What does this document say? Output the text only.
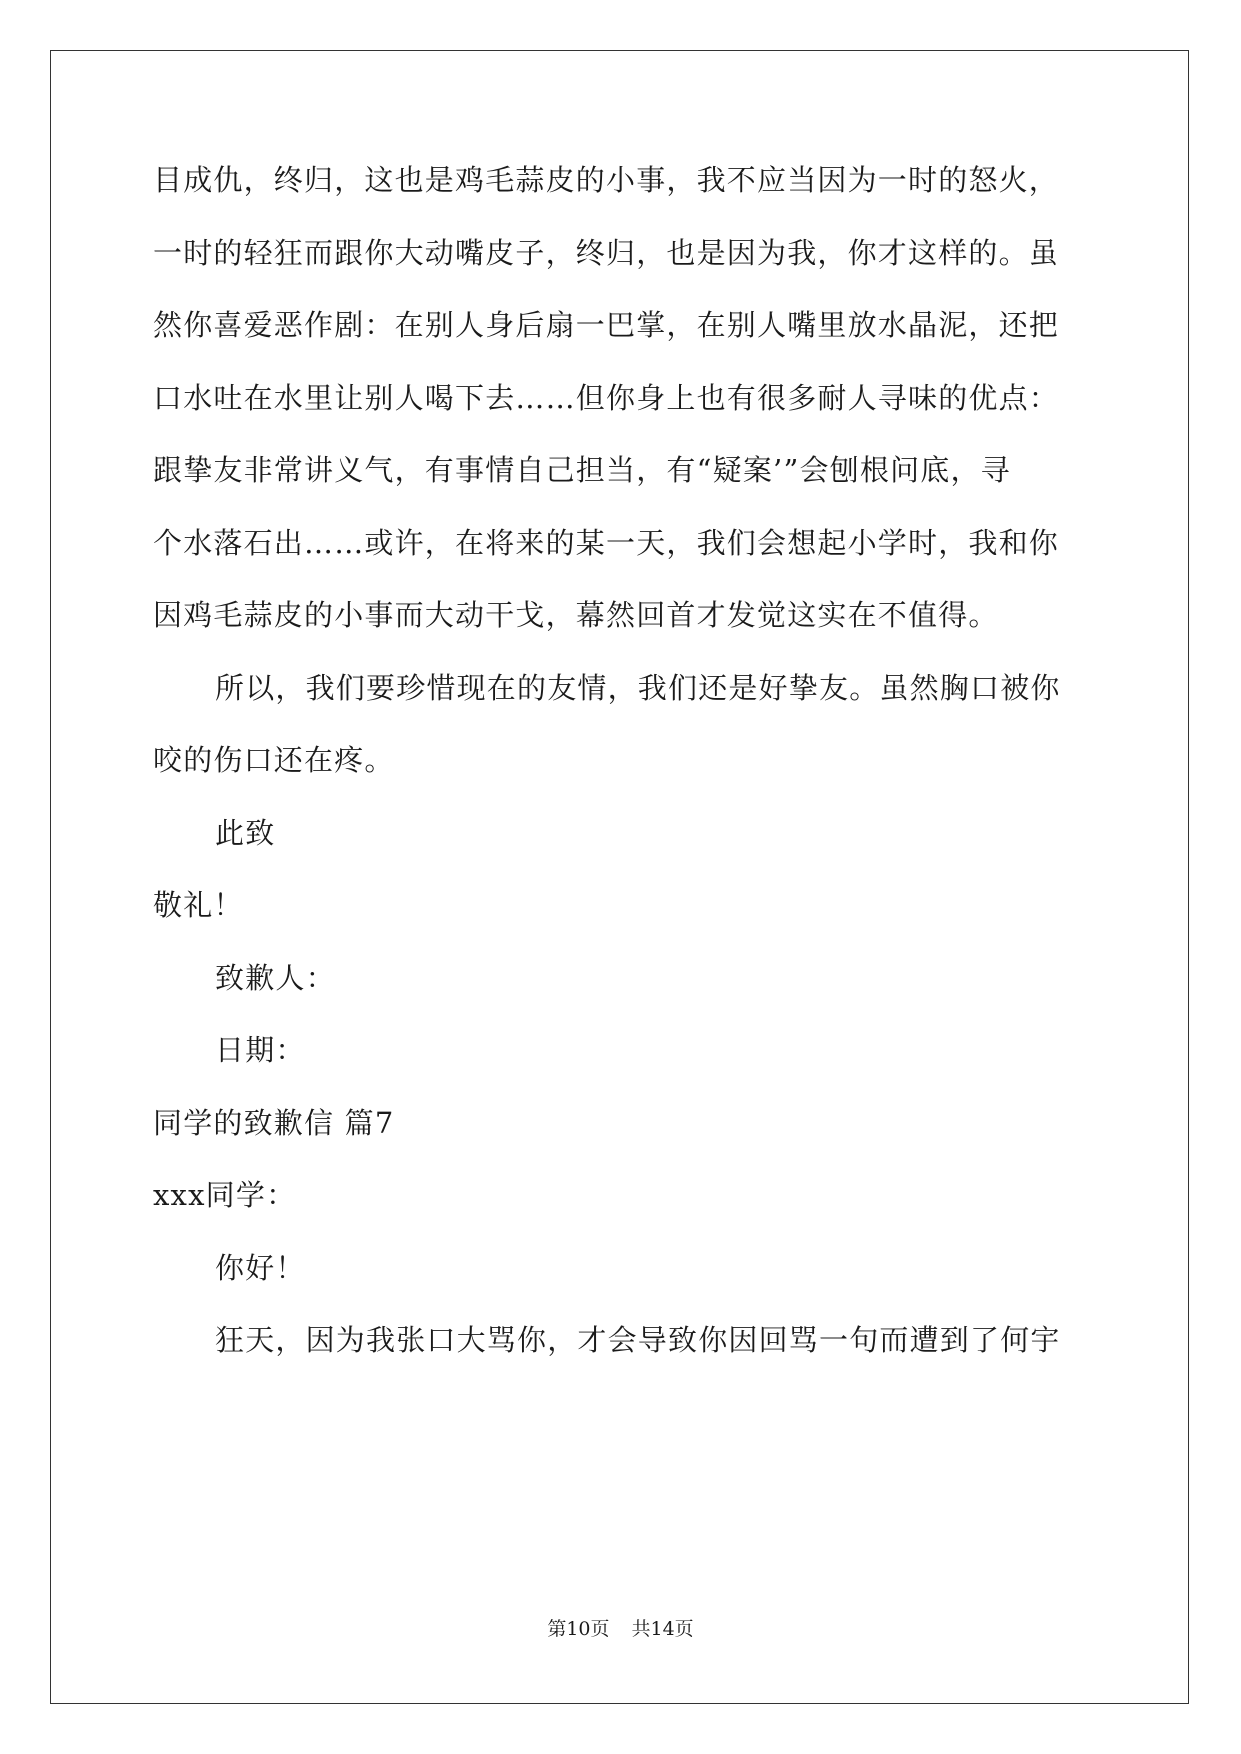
目成仇，终归，这也是鸡毛蒜皮的小事，我不应当因为一时的怒火，
一时的轻狂而跟你大动嘴皮子，终归，也是因为我，你才这样的。虽
然你喜爱恶作剧：在别人身后扇一巴掌，在别人嘴里放水晶泥，还把
口水吐在水里让别人喝下去……但你身上也有很多耐人寻味的优点：
跟挚友非常讲义气，有事情自己担当，有“疑案’”会刨根问底，寻
个水落石出……或许，在将来的某一天，我们会想起小学时，我和你
因鸡毛蒜皮的小事而大动干戈，幕然回首才发觉这实在不值得。
所以，我们要珍惜现在的友情，我们还是好挚友。虽然胸口被你
咬的伤口还在疼。
此致
敬礼！
致歉人：
日期：
同学的致歉信 篇7
xxx同学：
你好！
狂天，因为我张口大骂你，才会导致你因回骂一句而遭到了何宇
第10页 共14页
